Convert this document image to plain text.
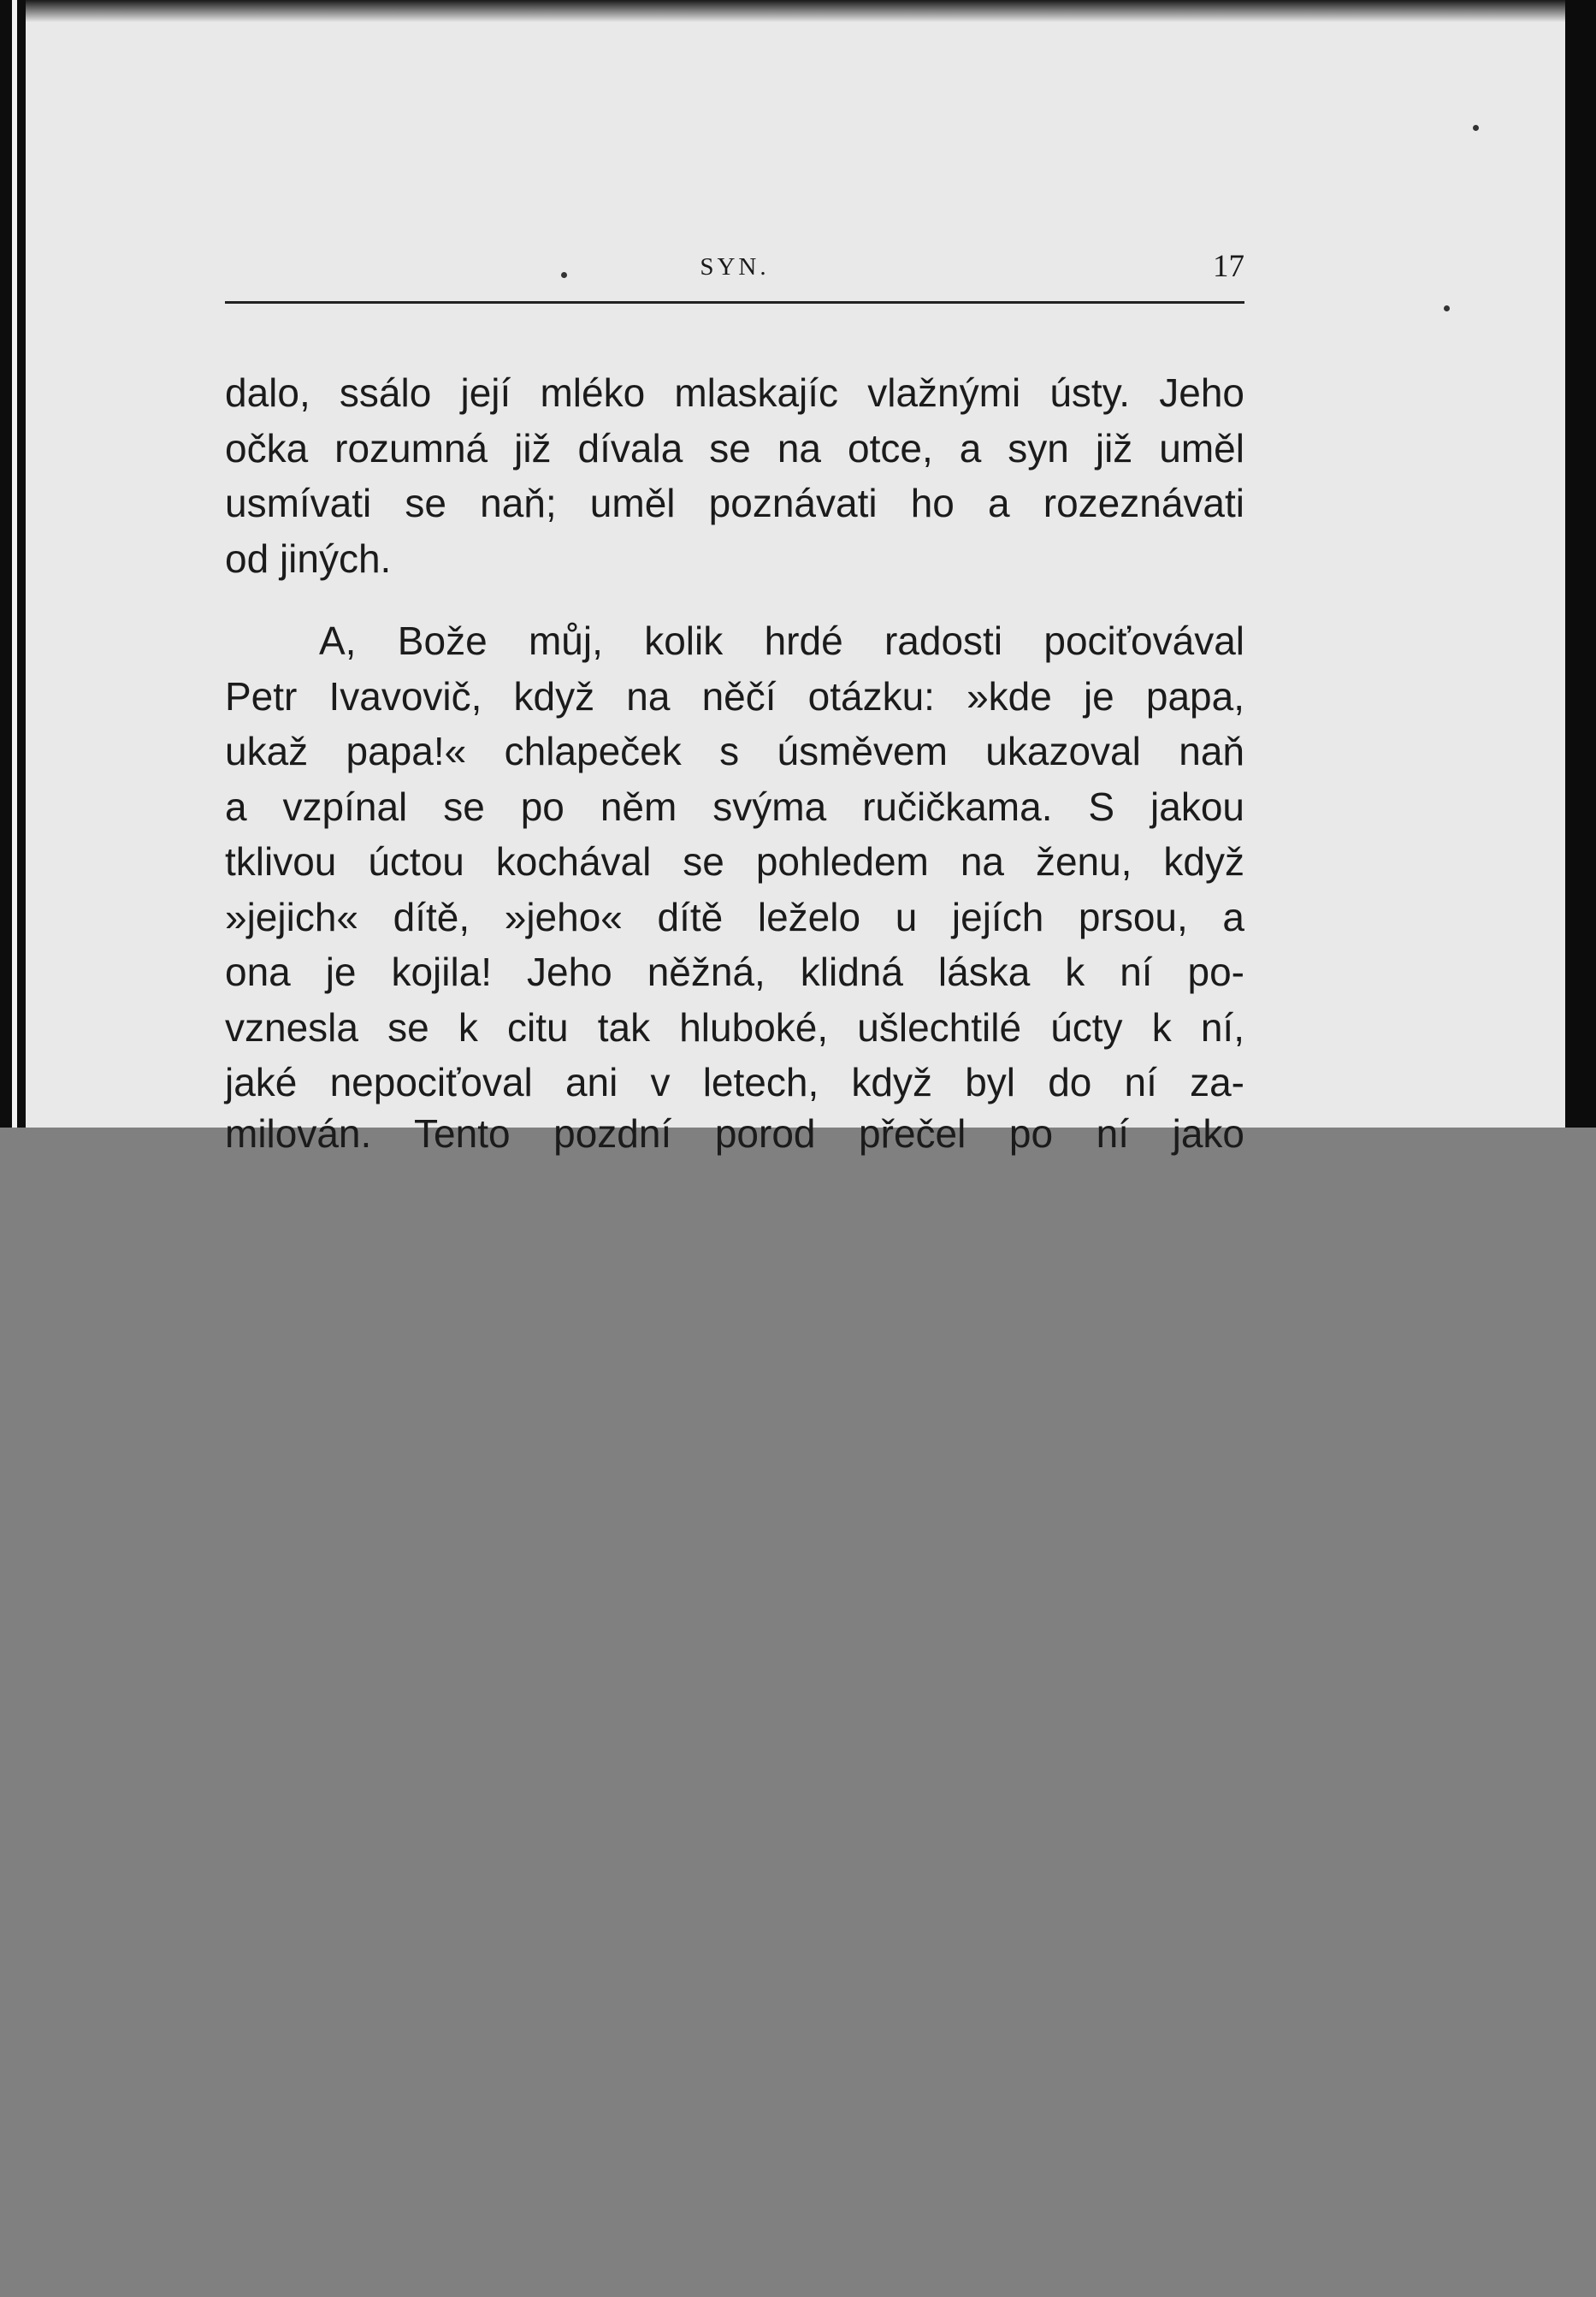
SYN.	17
dalo, ssálo její mléko mlaskajíc vlažnými ústy. Jeho
očka rozumná již dívala se na otce, a syn již uměl
usmívati se naň; uměl poznávati ho a rozeznávati
od jiných.
A, Bože můj, kolik hrdé radosti pociťovával
Petr Ivavovič, když na něčí otázku: »kde je papa,
ukaž papa!« chlapeček s úsměvem ukazoval naň
a vzpínal se po něm svýma ručičkama. S jakou
tklivou úctou kochával se pohledem na ženu, když
»jejich« dítě, »jeho« dítě leželo u jejích prsou, a
ona je kojila! Jeho něžná, klidná láska k ní po-
vznesla se k citu tak hluboké, ušlechtilé úcty k ní,
jaké nepociťoval ani v letech, když byl do ní za-
milován. Tento pozdní porod přečel po ní jako
